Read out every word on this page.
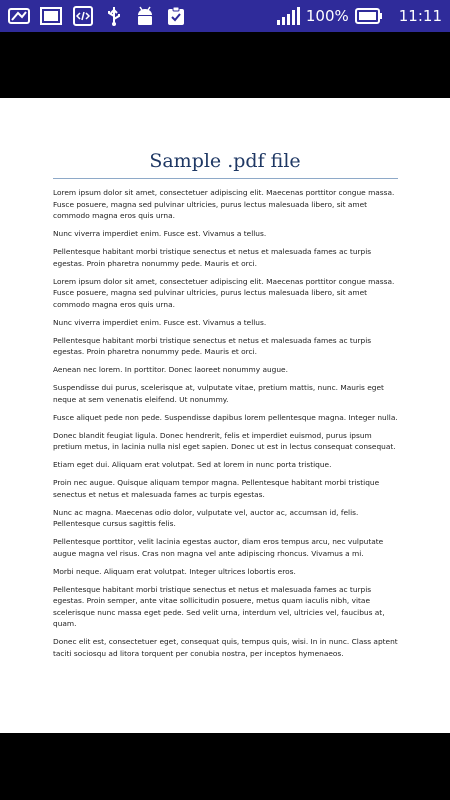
100%	11:11
Sample .pdf file

Lorem ipsum dolor sit amet, consectetuer adipiscing elit. Maecenas porttitor congue massa. Fusce posuere, magna sed pulvinar ultricies, purus lectus malesuada libero, sit amet commodo magna eros quis urna.

Nunc viverra imperdiet enim. Fusce est. Vivamus a tellus.

Pellentesque habitant morbi tristique senectus et netus et malesuada fames ac turpis egestas. Proin pharetra nonummy pede. Mauris et orci.

Lorem ipsum dolor sit amet, consectetuer adipiscing elit. Maecenas porttitor congue massa. Fusce posuere, magna sed pulvinar ultricies, purus lectus malesuada libero, sit amet commodo magna eros quis urna.

Nunc viverra imperdiet enim. Fusce est. Vivamus a tellus.

Pellentesque habitant morbi tristique senectus et netus et malesuada fames ac turpis egestas. Proin pharetra nonummy pede. Mauris et orci.

Aenean nec lorem. In porttitor. Donec laoreet nonummy augue.

Suspendisse dui purus, scelerisque at, vulputate vitae, pretium mattis, nunc. Mauris eget neque at sem venenatis eleifend. Ut nonummy.

Fusce aliquet pede non pede. Suspendisse dapibus lorem pellentesque magna. Integer nulla.

Donec blandit feugiat ligula. Donec hendrerit, felis et imperdiet euismod, purus ipsum pretium metus, in lacinia nulla nisl eget sapien. Donec ut est in lectus consequat consequat.

Etiam eget dui. Aliquam erat volutpat. Sed at lorem in nunc porta tristique.

Proin nec augue. Quisque aliquam tempor magna. Pellentesque habitant morbi tristique senectus et netus et malesuada fames ac turpis egestas.

Nunc ac magna. Maecenas odio dolor, vulputate vel, auctor ac, accumsan id, felis. Pellentesque cursus sagittis felis.

Pellentesque porttitor, velit lacinia egestas auctor, diam eros tempus arcu, nec vulputate augue magna vel risus. Cras non magna vel ante adipiscing rhoncus. Vivamus a mi.

Morbi neque. Aliquam erat volutpat. Integer ultrices lobortis eros.

Pellentesque habitant morbi tristique senectus et netus et malesuada fames ac turpis egestas. Proin semper, ante vitae sollicitudin posuere, metus quam iaculis nibh, vitae scelerisque nunc massa eget pede. Sed velit urna, interdum vel, ultricies vel, faucibus at, quam.

Donec elit est, consectetuer eget, consequat quis, tempus quis, wisi. In in nunc. Class aptent taciti sociosqu ad litora torquent per conubia nostra, per inceptos hymenaeos.
